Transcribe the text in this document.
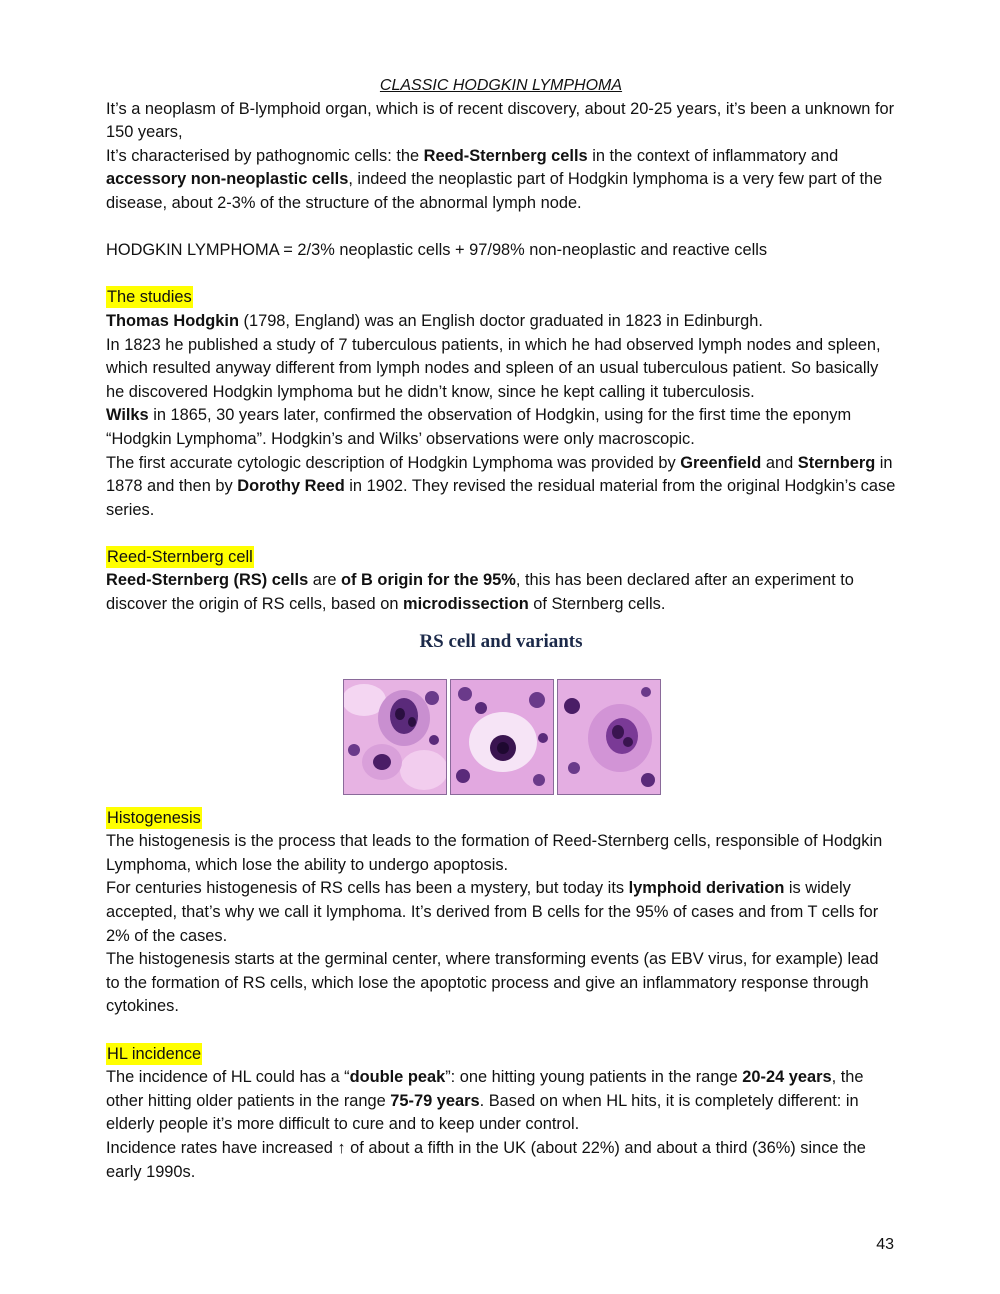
CLASSIC HODGKIN LYMPHOMA

It’s a neoplasm of B-lymphoid organ, which is of recent discovery, about 20-25 years, it’s been a unknown for 150 years,

It’s characterised by pathognomic cells: the Reed-Sternberg cells in the context of inflammatory and accessory non-neoplastic cells, indeed the neoplastic part of Hodgkin lymphoma is a very few part of the disease, about 2-3% of the structure of the abnormal lymph node.

HODGKIN LYMPHOMA = 2/3% neoplastic cells + 97/98% non-neoplastic and reactive cells

The studies

Thomas Hodgkin (1798, England) was an English doctor graduated in 1823 in Edinburgh.

In 1823 he published a study of 7 tuberculous patients, in which he had observed lymph nodes and spleen, which resulted anyway different from lymph nodes and spleen of an usual tuberculous patient. So basically he discovered Hodgkin lymphoma but he didn’t know, since he kept calling it tuberculosis.

Wilks in 1865, 30 years later, confirmed the observation of Hodgkin, using for the first time the eponym “Hodgkin Lymphoma”. Hodgkin’s and Wilks’ observations were only macroscopic.

The first accurate cytologic description of Hodgkin Lymphoma was provided by Greenfield and Sternberg in 1878 and then by Dorothy Reed in 1902. They revised the residual material from the original Hodgkin’s case series.

Reed-Sternberg cell

Reed-Sternberg (RS) cells are of B origin for the 95%, this has been declared after an experiment to discover the origin of RS cells, based on microdissection of Sternberg cells.

RS cell and variants

Histogenesis

The histogenesis is the process that leads to the formation of Reed-Sternberg cells, responsible of Hodgkin Lymphoma, which lose the ability to undergo apoptosis.

For centuries histogenesis of RS cells has been a mystery, but today its lymphoid derivation is widely accepted, that’s why we call it lymphoma. It’s derived from B cells for the 95% of cases and from T cells for 2% of the cases.

The histogenesis starts at the germinal center, where transforming events (as EBV virus, for example) lead to the formation of RS cells, which lose the apoptotic process and give an inflammatory response through cytokines.

HL incidence

The incidence of HL could has a “double peak”: one hitting young patients in the range 20-24 years, the other hitting older patients in the range 75-79 years. Based on when HL hits, it is completely different: in elderly people it’s more difficult to cure and to keep under control.

Incidence rates have increased ↑ of about a fifth in the UK (about 22%) and about a third (36%) since the early 1990s.

43
